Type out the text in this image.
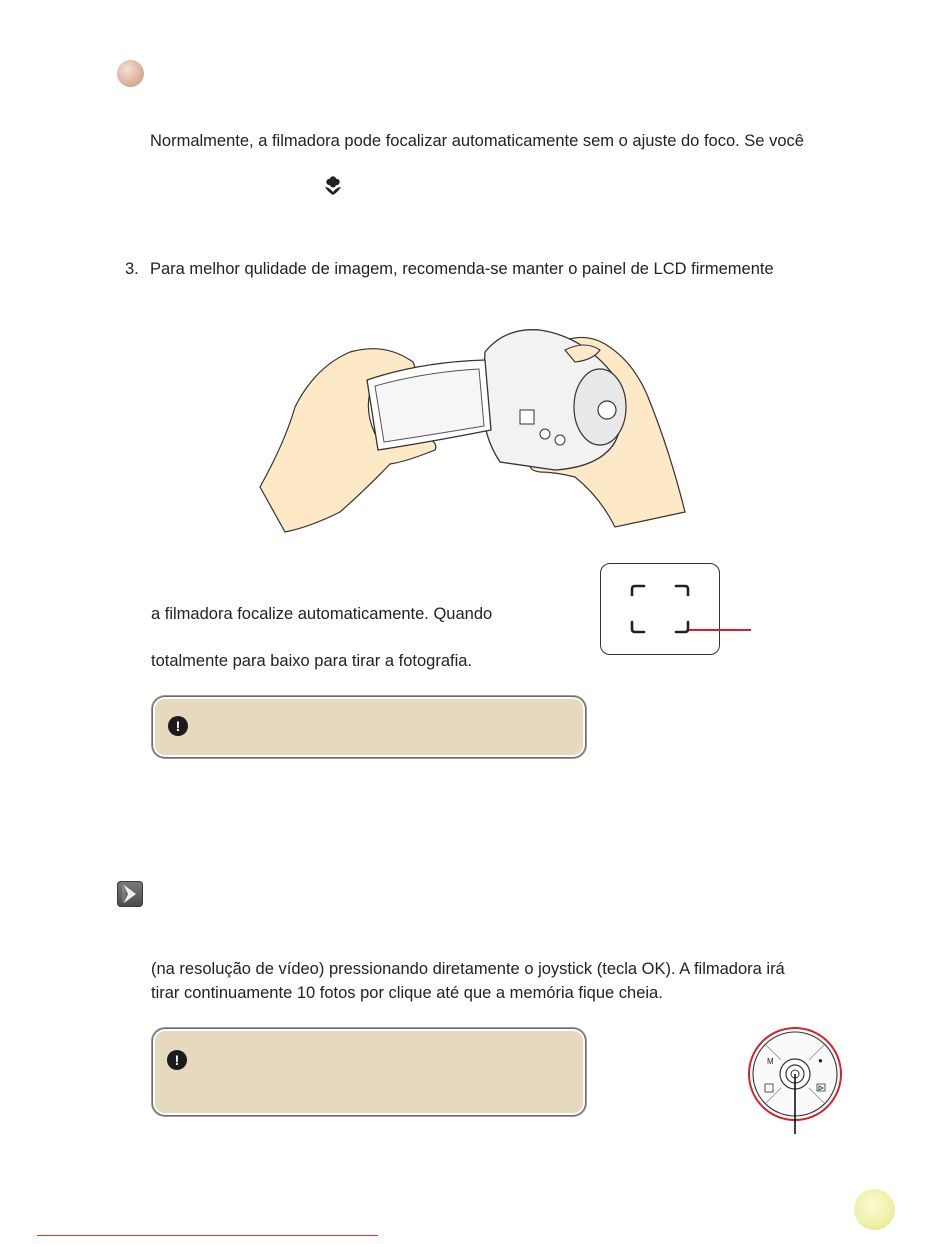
Normalmente, a filmadora pode focalizar automaticamente sem o ajuste do foco. Se você
3. Para melhor qulidade de imagem, recomenda-se manter o painel de LCD firmemente
a filmadora focalize automaticamente. Quando
totalmente para baixo para tirar a fotografia.
!
(na resolução de vídeo) pressionando diretamente o joystick (tecla OK). A filmadora irá
tirar continuamente 10 fotos por clique até que a memória fique cheia.
!	M	●
